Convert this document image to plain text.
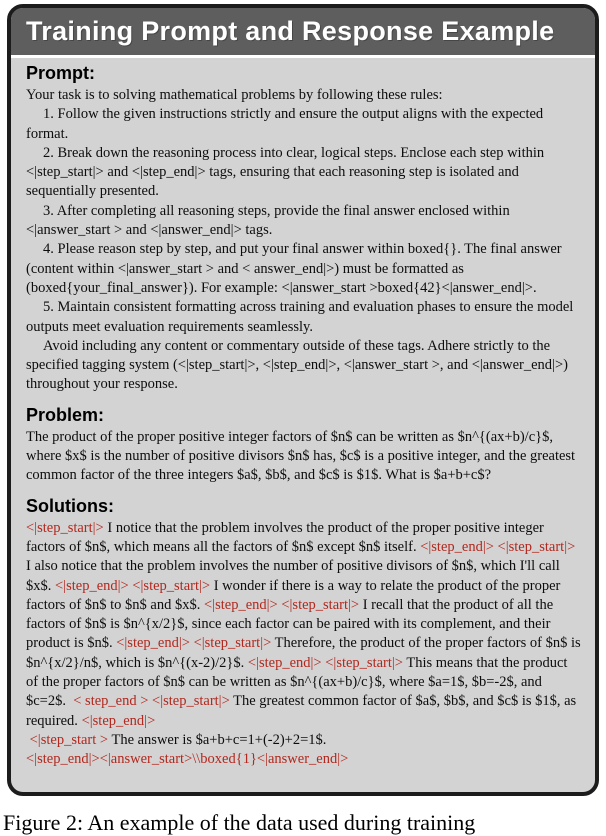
Training Prompt and Response Example
Prompt:

Your task is to solving mathematical problems by following these rules:

1. Follow the given instructions strictly and ensure the output aligns with the expected format.

2. Break down the reasoning process into clear, logical steps. Enclose each step within <|step_start|> and <|step_end|> tags, ensuring that each reasoning step is isolated and sequentially presented.

3. After completing all reasoning steps, provide the final answer enclosed within <|answer_start > and <|answer_end|> tags.

4. Please reason step by step, and put your final answer within boxed{}. The final answer (content within <|answer_start > and < answer_end|>) must be formatted as (boxed{your_final_answer}). For example: <|answer_start >boxed{42}<|answer_end|>.

5. Maintain consistent formatting across training and evaluation phases to ensure the model outputs meet evaluation requirements seamlessly.

Avoid including any content or commentary outside of these tags. Adhere strictly to the specified tagging system (<|step_start|>, <|step_end|>, <|answer_start >, and <|answer_end|>) throughout your response.

Problem:

The product of the proper positive integer factors of $n$ can be written as $n^{(ax+b)/c}$, where $x$ is the number of positive divisors $n$ has, $c$ is a positive integer, and the greatest common factor of the three integers $a$, $b$, and $c$ is $1$. What is $a+b+c$?

Solutions:
<|step_start|> I notice that the problem involves the product of the proper positive integer factors of $n$, which means all the factors of $n$ except $n$ itself. <|step_end|> <|step_start|> I also notice that the problem involves the number of positive divisors of $n$, which I'll call $x$. <|step_end|> <|step_start|> I wonder if there is a way to relate the product of the proper factors of $n$ to $n$ and $x$. <|step_end|> <|step_start|> I recall that the product of all the factors of $n$ is $n^{x/2}$, since each factor can be paired with its complement, and their product is $n$. <|step_end|> <|step_start|> Therefore, the product of the proper factors of $n$ is $n^{x/2}/n$, which is $n^{(x-2)/2}$. <|step_end|> <|step_start|> This means that the product of the proper factors of $n$ can be written as $n^{(ax+b)/c}$, where $a=1$, $b=-2$, and $c=2$.  < step_end > <|step_start|> The greatest common factor of $a$, $b$, and $c$ is $1$, as required. <|step_end|>
<|step_start > The answer is $a+b+c=1+(-2)+2=1$.
<|step_end|><|answer_start>\\boxed{1}<|answer_end|>
Figure 2: An example of the data used during training
